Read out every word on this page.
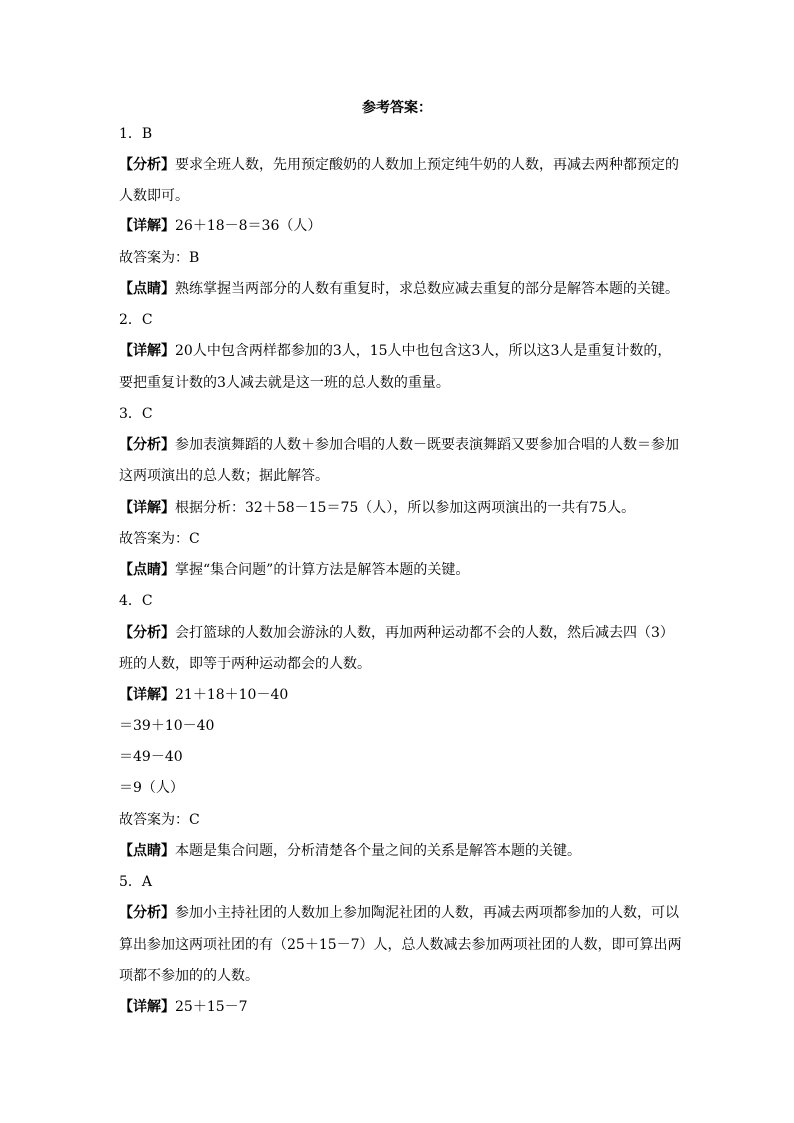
参考答案：
1．B
【分析】要求全班人数，先用预定酸奶的人数加上预定纯牛奶的人数，再减去两种都预定的
人数即可。
【详解】26＋18－8＝36（人）
故答案为：B
【点睛】熟练掌握当两部分的人数有重复时，求总数应减去重复的部分是解答本题的关键。
2．C
【详解】20人中包含两样都参加的3人，15人中也包含这3人，所以这3人是重复计数的，
要把重复计数的3人减去就是这一班的总人数的重量。
3．C
【分析】参加表演舞蹈的人数＋参加合唱的人数－既要表演舞蹈又要参加合唱的人数＝参加
这两项演出的总人数；据此解答。
【详解】根据分析：32＋58－15＝75（人），所以参加这两项演出的一共有75人。
故答案为：C
【点睛】掌握“集合问题”的计算方法是解答本题的关键。
4．C
【分析】会打篮球的人数加会游泳的人数，再加两种运动都不会的人数，然后减去四（3）
班的人数，即等于两种运动都会的人数。
【详解】21＋18＋10－40
＝39＋10－40
＝49－40
＝9（人）
故答案为：C
【点睛】本题是集合问题，分析清楚各个量之间的关系是解答本题的关键。
5．A
【分析】参加小主持社团的人数加上参加陶泥社团的人数，再减去两项都参加的人数，可以
算出参加这两项社团的有（25＋15－7）人，总人数减去参加两项社团的人数，即可算出两
项都不参加的的人数。
【详解】25＋15－7
